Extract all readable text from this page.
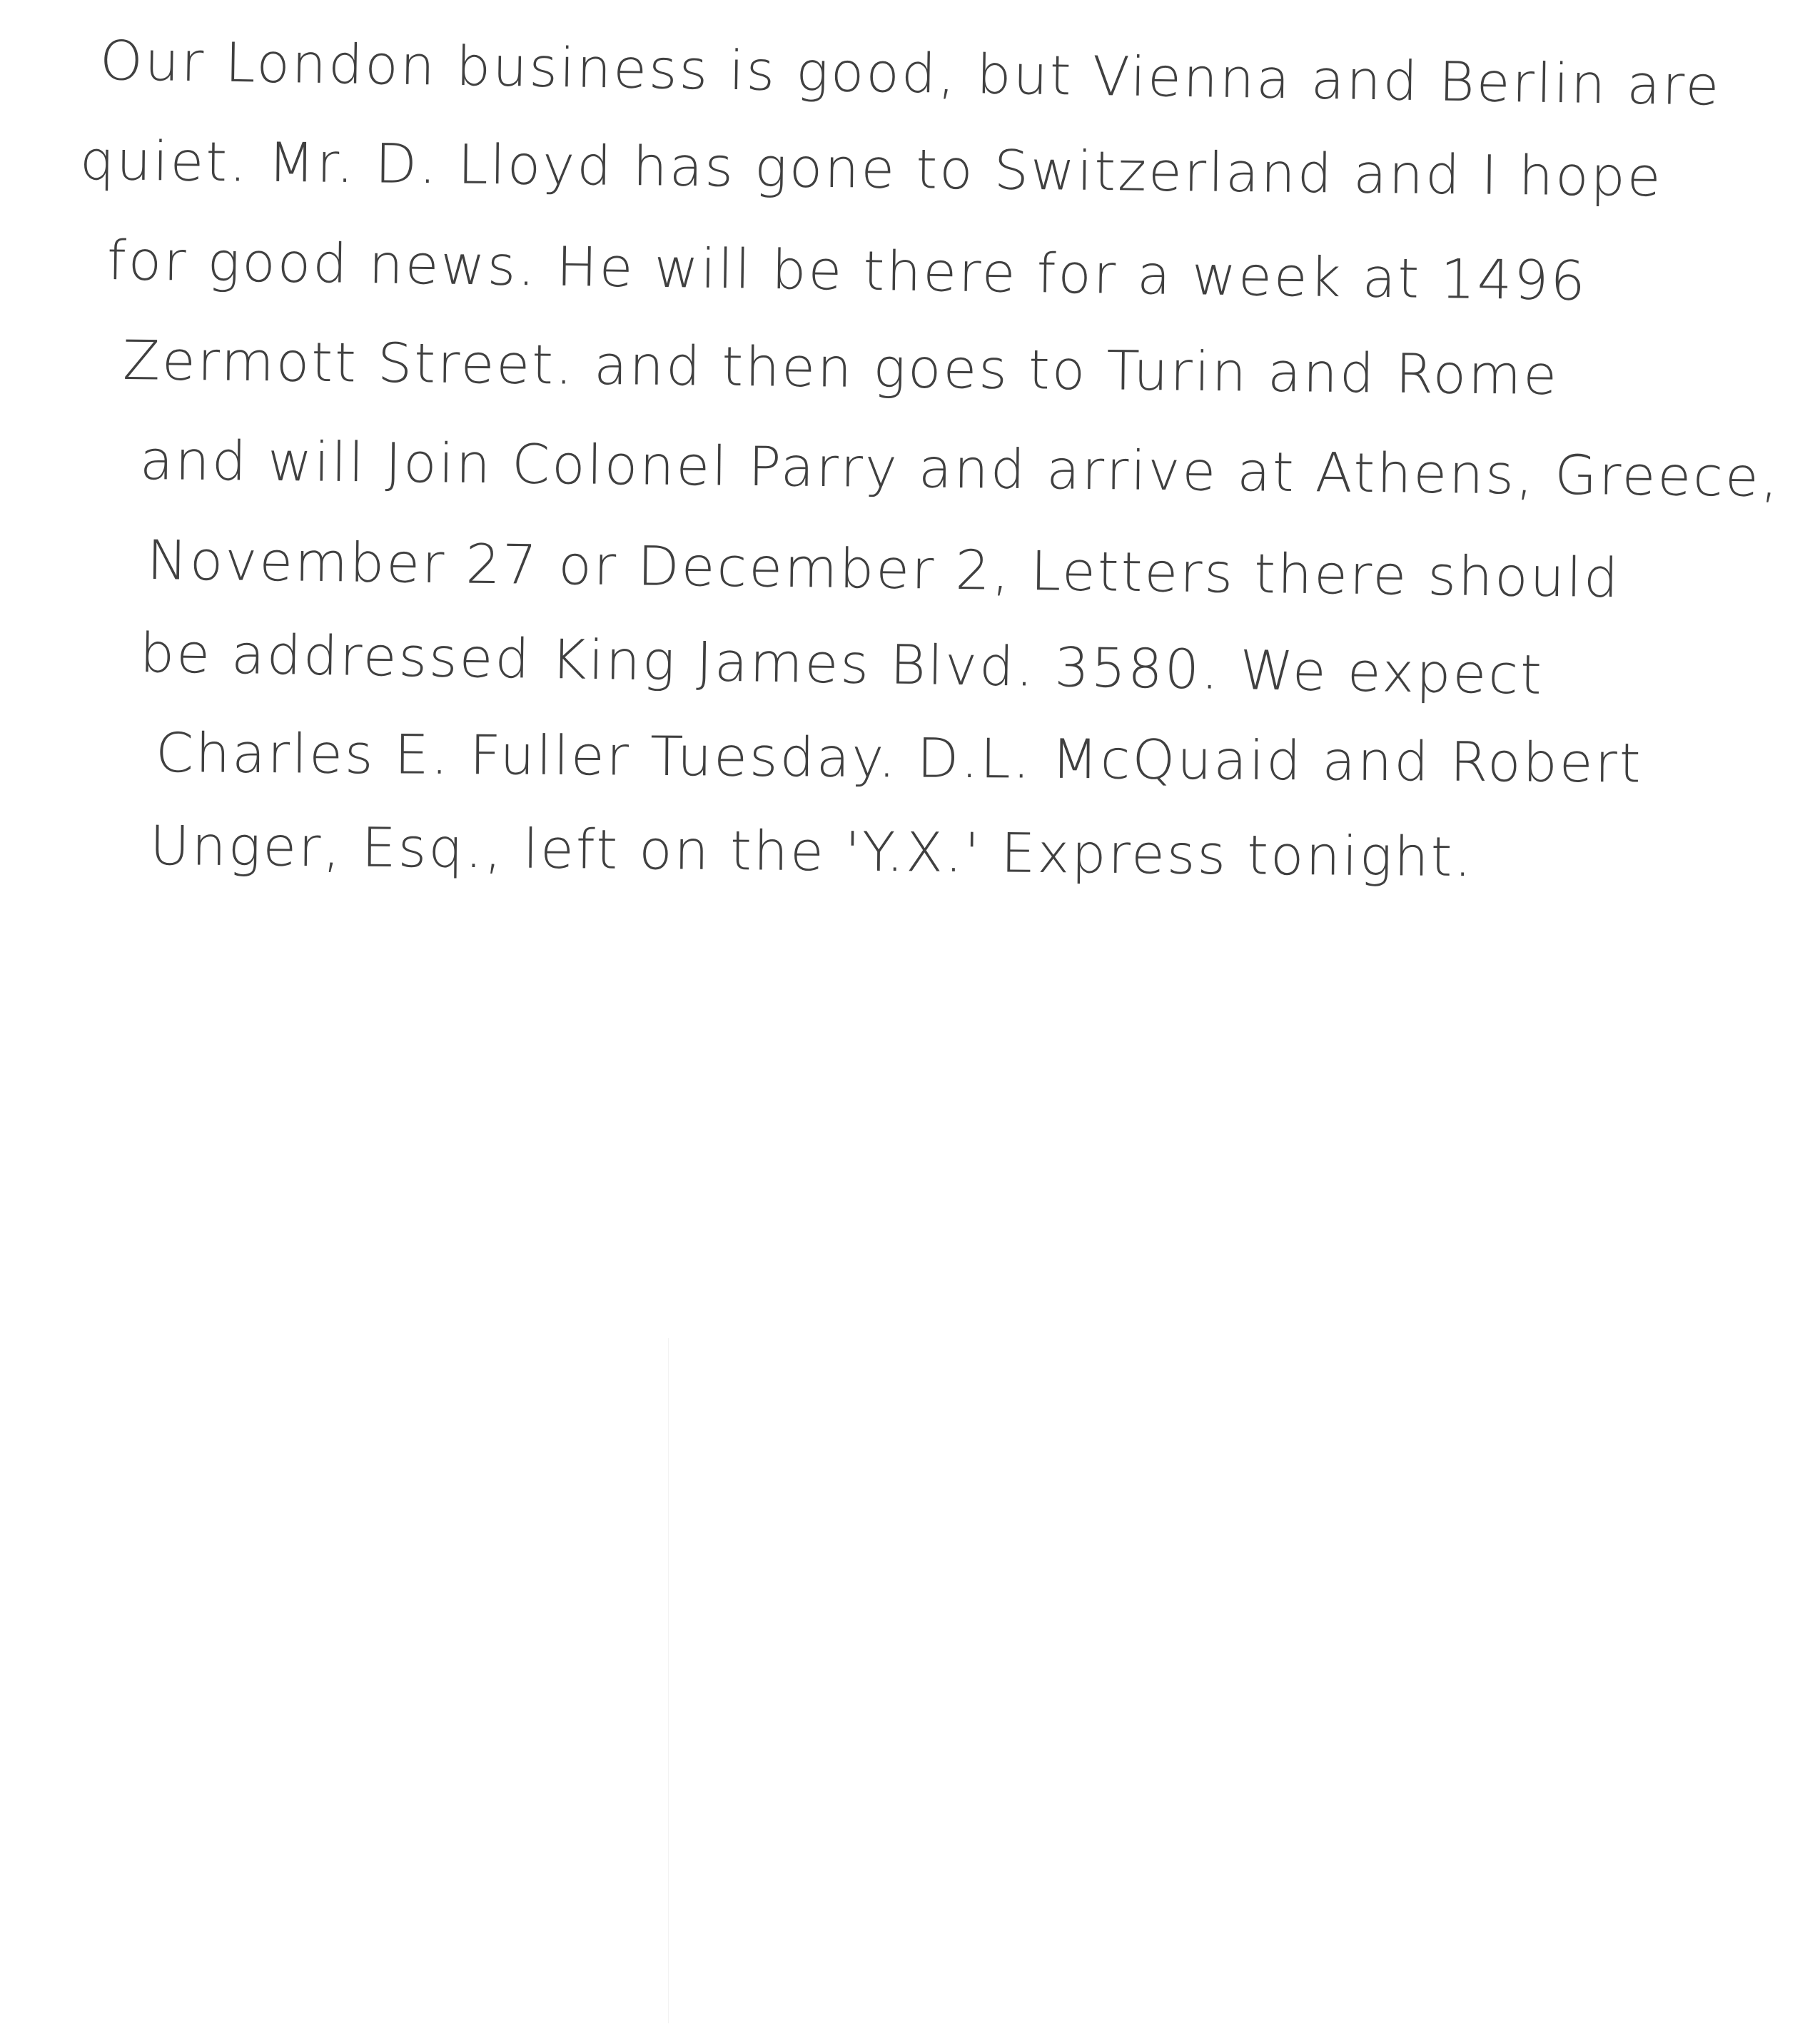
Our London business is good, but Vienna and Berlin are
quiet. Mr. D. Lloyd has gone to Switzerland and I hope
for good news. He will be there for a week at 1496
Zermott Street. and then goes to Turin and Rome
and will Join Colonel Parry and arrive at Athens, Greece,
November 27 or December 2, Letters there should
be addressed King James Blvd. 3580. We expect
Charles E. Fuller Tuesday. D.L. McQuaid and Robert
Unger, Esq., left on the 'Y.X.' Express tonight.
